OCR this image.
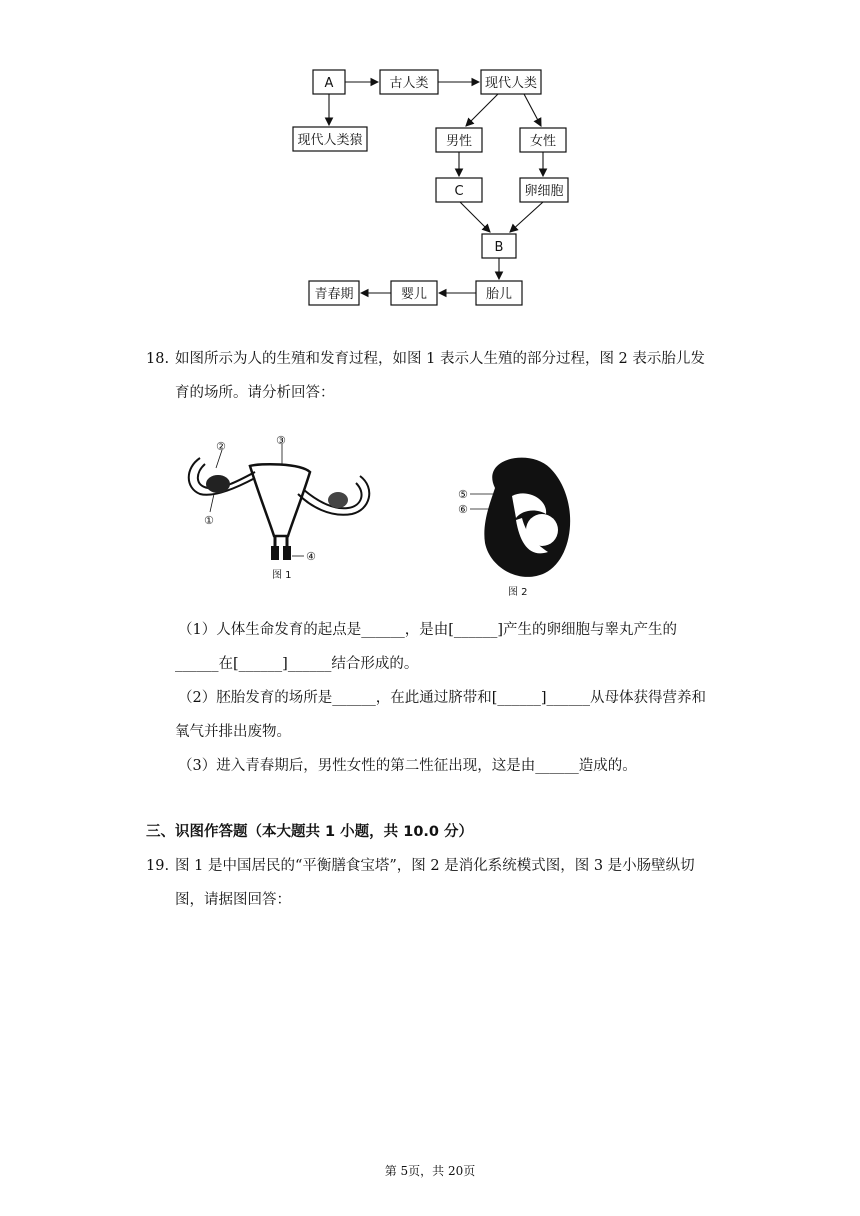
A	古人类	现代人类
现代人类猿	男性	女性
C	卵细胞
B
胎儿
婴儿
青春期
18. 如图所示为人的生殖和发育过程，如图 1 表示人生殖的部分过程，图 2 表示胎儿发
育的场所。请分析回答：
②	③
①
④
图 1
⑤
⑥
图 2
（1）人体生命发育的起点是______，是由[______]产生的卵细胞与睾丸产生的
______在[______]______结合形成的。
（2）胚胎发育的场所是______，在此通过脐带和[______]______从母体获得营养和
氧气并排出废物。
（3）进入青春期后，男性女性的第二性征出现，这是由______造成的。
三、识图作答题（本大题共 1 小题，共 10.0 分）
19. 图 1 是中国居民的“平衡膳食宝塔”，图 2 是消化系统模式图，图 3 是小肠壁纵切
图，请据图回答：
第 5页，共 20页
